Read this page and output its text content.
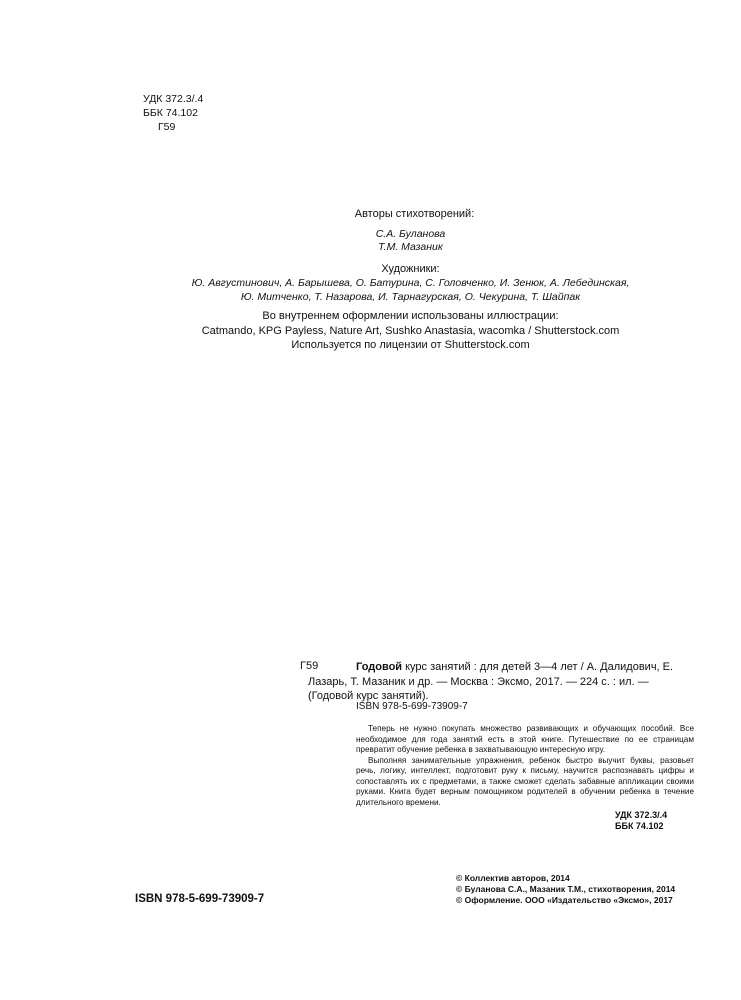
УДК 372.3/.4
ББК 74.102
Г59
Авторы стихотворений:
С.А. Буланова
Т.М. Мазаник
Художники:
Ю. Августинович, А. Барышева, О. Батурина, С. Головченко, И. Зенюк, А. Лебединская,
Ю. Митченко, Т. Назарова, И. Тарнагурская, О. Чекурина, Т. Шайпак
Во внутреннем оформлении использованы иллюстрации:
Catmando, KPG Payless, Nature Art, Sushko Anastasia, wacomka / Shutterstock.com
Используется по лицензии от Shutterstock.com
Г59	Годовой курс занятий : для детей 3—4 лет / А. Далидович, Е. Лазарь, Т. Мазаник и др. — Москва : Эксмо, 2017. — 224 с. : ил. — (Годовой курс занятий).

ISBN 978-5-699-73909-7

Теперь не нужно покупать множество развивающих и обучающих пособий. Все необходимое для года занятий есть в этой книге. Путешествие по ее страницам превратит обучение ребенка в захватывающую интересную игру.

Выполняя занимательные упражнения, ребенок быстро выучит буквы, разовьет речь, логику, интеллект, подготовит руку к письму, научится распознавать цифры и сопоставлять их с предметами, а также сможет сделать забавные аппликации своими руками. Книга будет верным помощником родителей в обучении ребенка в течение длительного времени.

УДК 372.3/.4
ББК 74.102
ISBN 978-5-699-73909-7
© Коллектив авторов, 2014
© Буланова С.А., Мазаник Т.М., стихотворения, 2014
© Оформление. ООО «Издательство «Эксмо», 2017
